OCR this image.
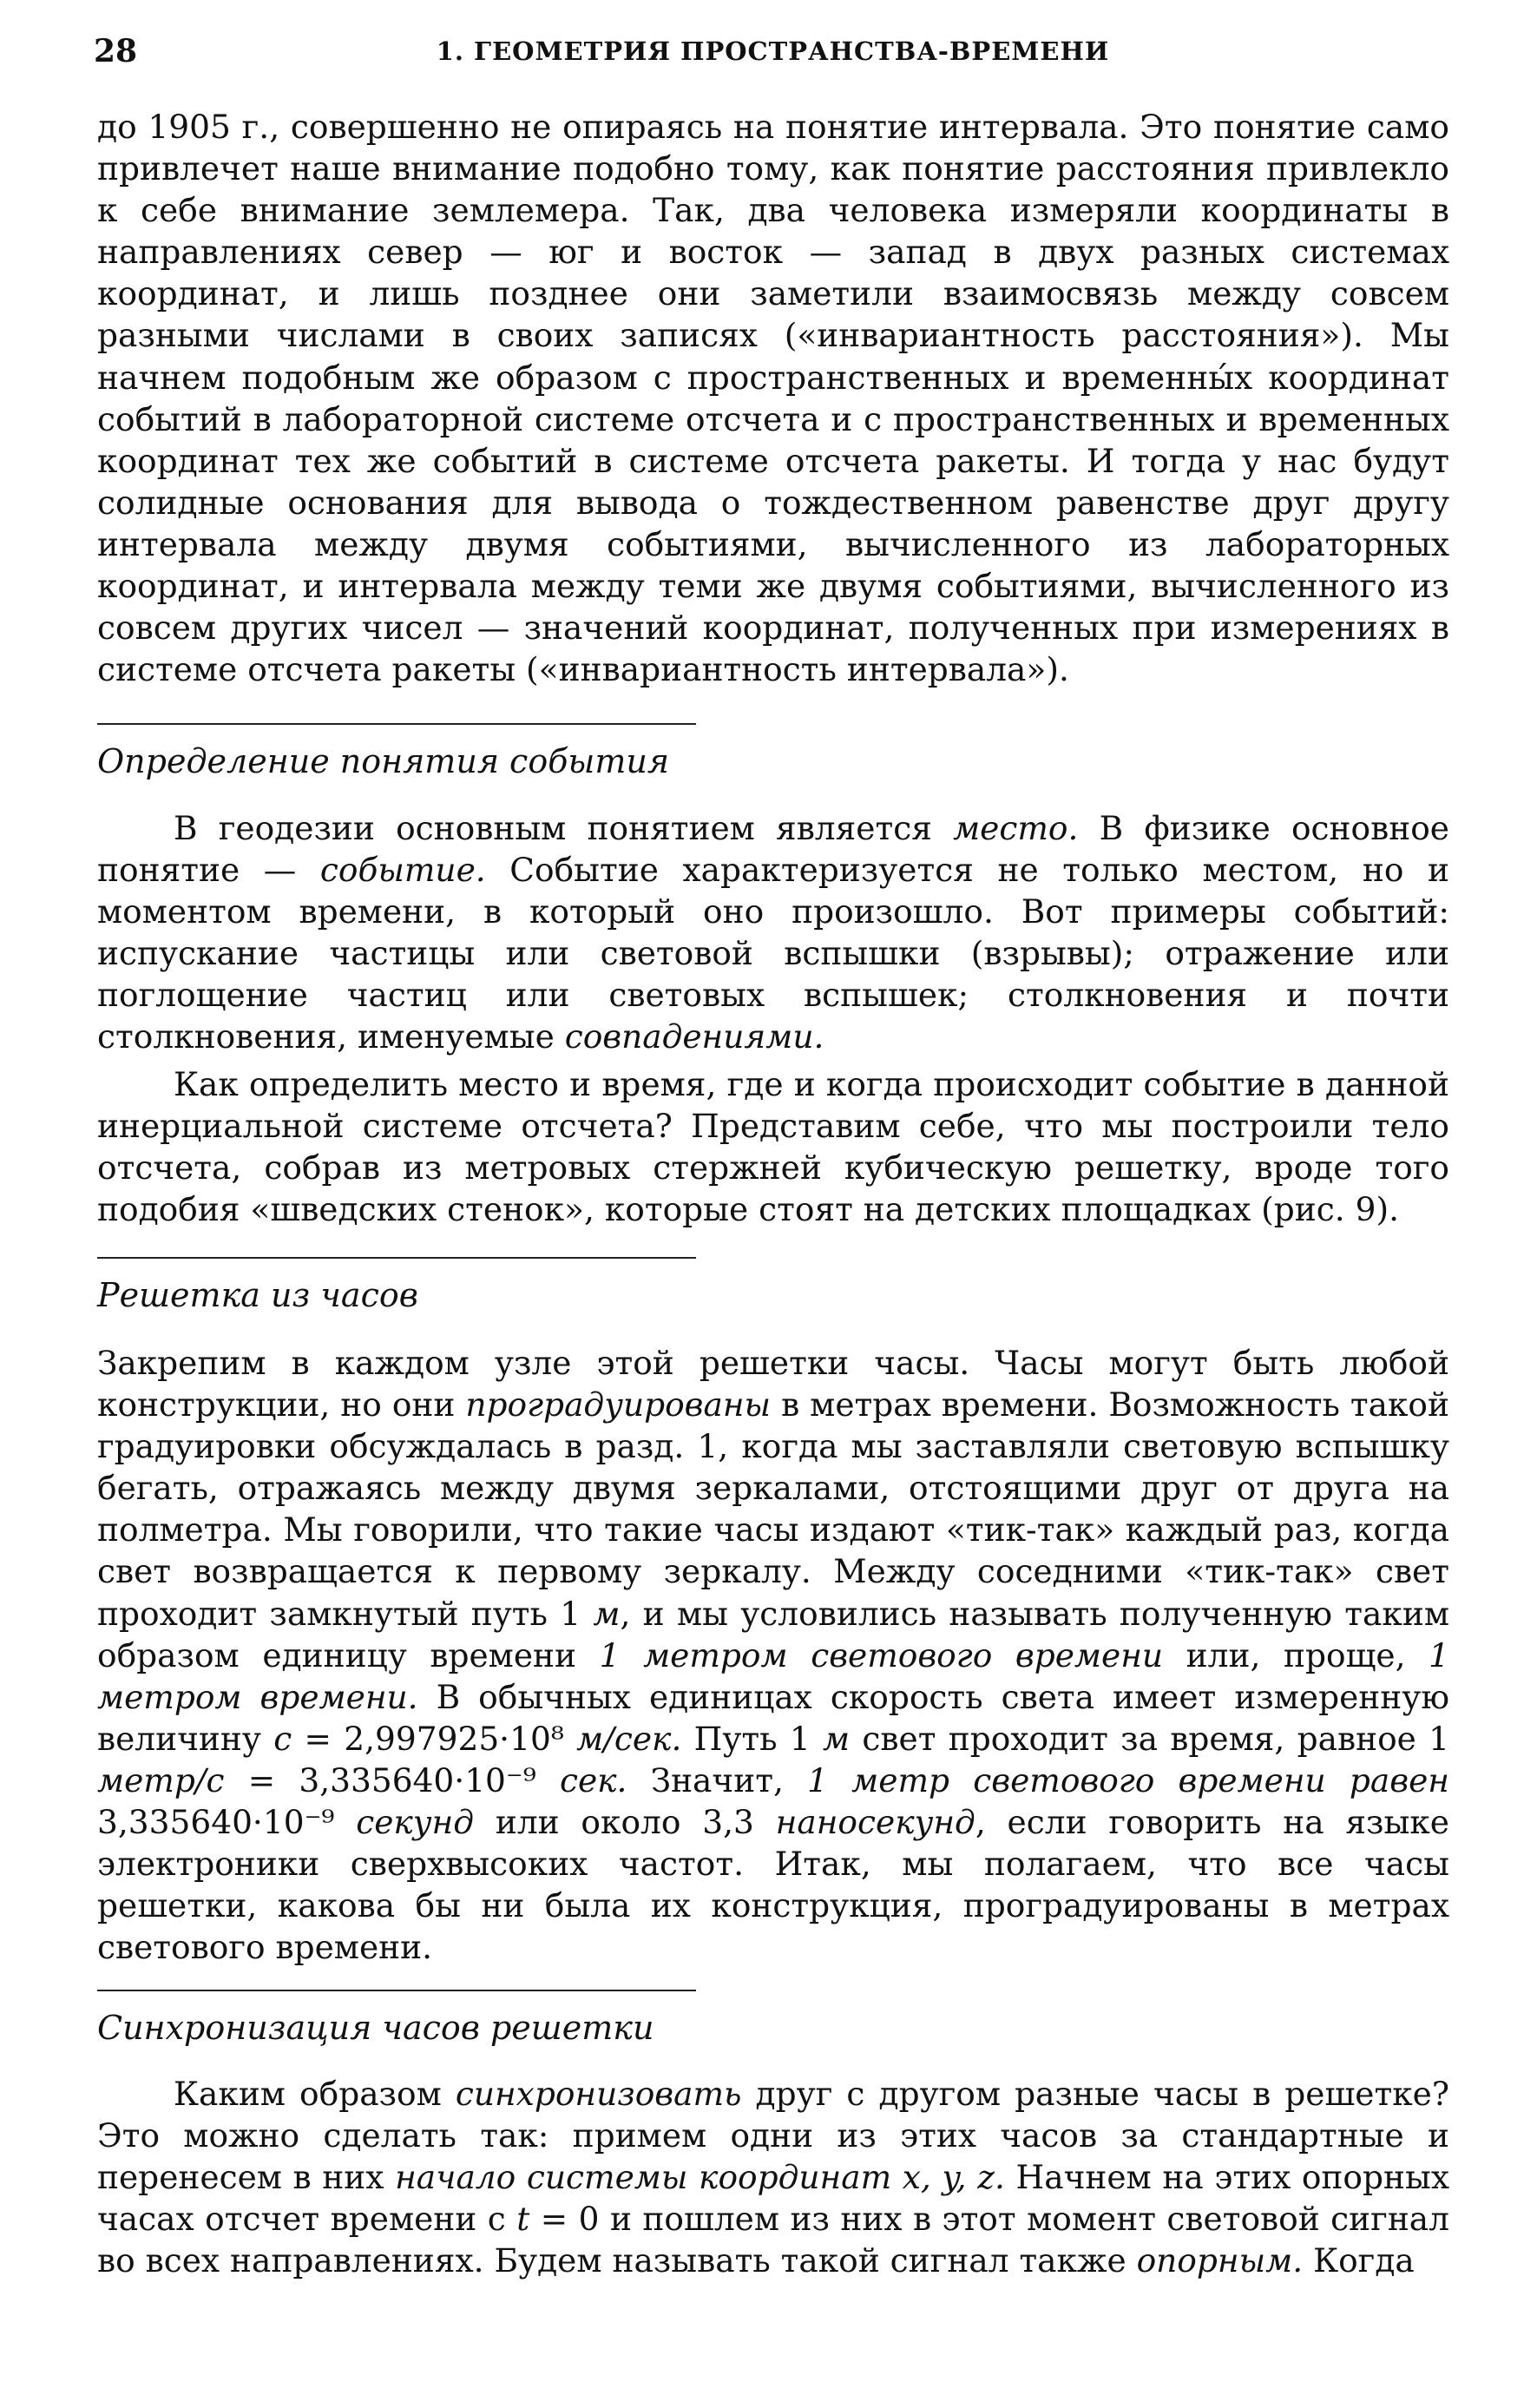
28	1. ГЕОМЕТРИЯ ПРОСТРАНСТВА-ВРЕМЕНИ

до 1905 г., совершенно не опираясь на понятие интервала. Это понятие само привлечет наше внимание подобно тому, как понятие расстояния привлекло к себе внимание землемера. Так, два человека измеряли координаты в направлениях север — юг и восток — запад в двух разных системах координат, и лишь позднее они заметили взаимосвязь между совсем разными числами в своих записях («инвариантность расстояния»). Мы начнем подобным же образом с пространственных и временны́х координат событий в лабораторной системе отсчета и с пространственных и временных координат тех же событий в системе отсчета ракеты. И тогда у нас будут солидные основания для вывода о тождественном равенстве друг другу интервала между двумя событиями, вычисленного из лабораторных координат, и интервала между теми же двумя событиями, вычисленного из совсем других чисел — значений координат, полученных при измерениях в системе отсчета ракеты («инвариантность интервала»).

Определение понятия события

В геодезии основным понятием является место. В физике основное понятие — событие. Событие характеризуется не только местом, но и моментом времени, в который оно произошло. Вот примеры событий: испускание частицы или световой вспышки (взрывы); отражение или поглощение частиц или световых вспышек; столкновения и почти столкновения, именуемые совпадениями.

Как определить место и время, где и когда происходит событие в данной инерциальной системе отсчета? Представим себе, что мы построили тело отсчета, собрав из метровых стержней кубическую решетку, вроде того подобия «шведских стенок», которые стоят на детских площадках (рис. 9).

Решетка из часов

Закрепим в каждом узле этой решетки часы. Часы могут быть любой конструкции, но они проградуированы в метрах времени. Возможность такой градуировки обсуждалась в разд. 1, когда мы заставляли световую вспышку бегать, отражаясь между двумя зеркалами, отстоящими друг от друга на полметра. Мы говорили, что такие часы издают «тик-так» каждый раз, когда свет возвращается к первому зеркалу. Между соседними «тик-так» свет проходит замкнутый путь 1 м, и мы условились называть полученную таким образом единицу времени 1 метром светового времени или, проще, 1 метром времени. В обычных единицах скорость света имеет измеренную величину c = 2,997925·10⁸ м/сек. Путь 1 м свет проходит за время, равное 1 метр/с = 3,335640·10⁻⁹ сек. Значит, 1 метр светового времени равен 3,335640·10⁻⁹ секунд или около 3,3 наносекунд, если говорить на языке электроники сверхвысоких частот. Итак, мы полагаем, что все часы решетки, какова бы ни была их конструкция, проградуированы в метрах светового времени.

Синхронизация часов решетки

Каким образом синхронизовать друг с другом разные часы в решетке? Это можно сделать так: примем одни из этих часов за стандартные и перенесем в них начало системы координат x, y, z. Начнем на этих опорных часах отсчет времени с t = 0 и пошлем из них в этот момент световой сигнал во всех направлениях. Будем называть такой сигнал также опорным. Когда
